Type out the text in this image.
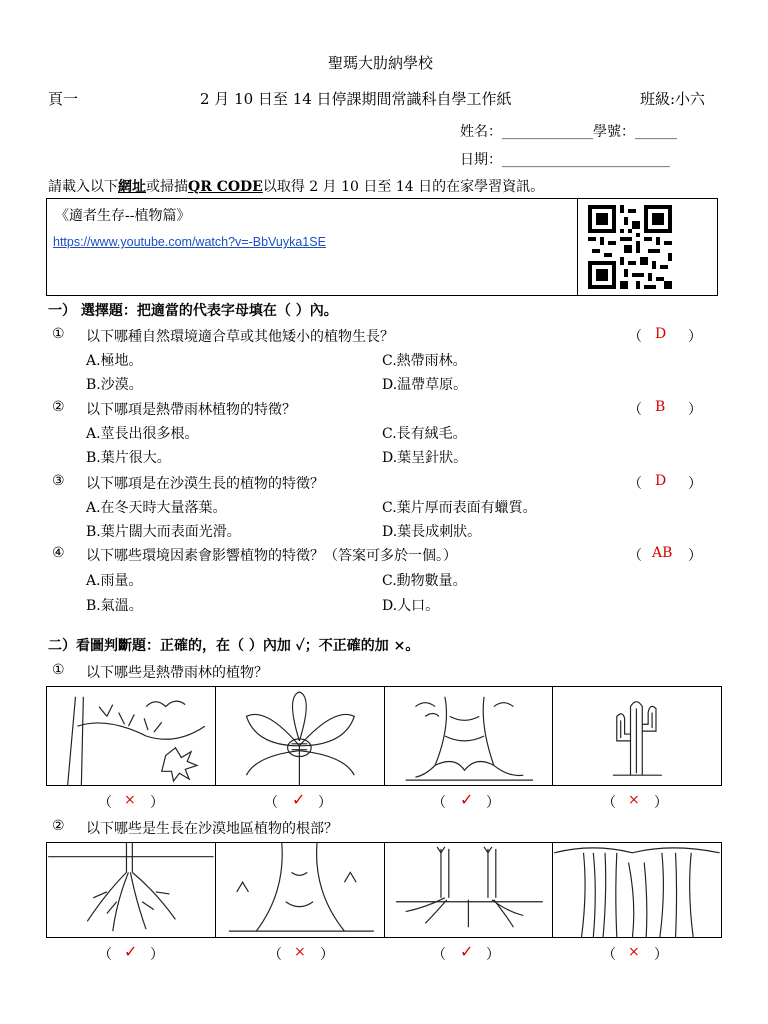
聖瑪大肋納學校
頁一	2 月 10 日至 14 日停課期間常識科自學工作紙	班級:小六
姓名：_____________學號：______
日期：________________________
請載入以下網址或掃描QR CODE以取得 2 月 10 日至 14 日的在家學習資訊。
《適者生存--植物篇》
https://www.youtube.com/watch?v=-BbVuyka1SE
一） 選擇題：把適當的代表字母填在（ ）內。
① 以下哪種自然環境適合草或其他矮小的植物生長？	（ D ）
A.極地。	C.熱帶雨林。
B.沙漠。	D.温帶草原。
② 以下哪項是熱帶雨林植物的特徵？	（ B ）
A.莖長出很多根。	C.長有絨毛。
B.葉片很大。	D.葉呈針狀。
③ 以下哪項是在沙漠生長的植物的特徵？	（ D ）
A.在冬天時大量落葉。	C.葉片厚而表面有蠟質。
B.葉片闊大而表面光滑。	D.葉長成刺狀。
④ 以下哪些環境因素會影響植物的特徵？（答案可多於一個。）	（ AB ）
A.雨量。	C.動物數量。
B.氣溫。	D.人口。
二）看圖判斷題：正確的，在（ ）內加 ✓；不正確的加 ×。
① 以下哪些是熱帶雨林的植物？
（ × ）	（ ✓ ）	（ ✓ ）	（ × ）
② 以下哪些是生長在沙漠地區植物的根部？
（ ✓ ）	（ × ）	（ ✓ ）	（ × ）
